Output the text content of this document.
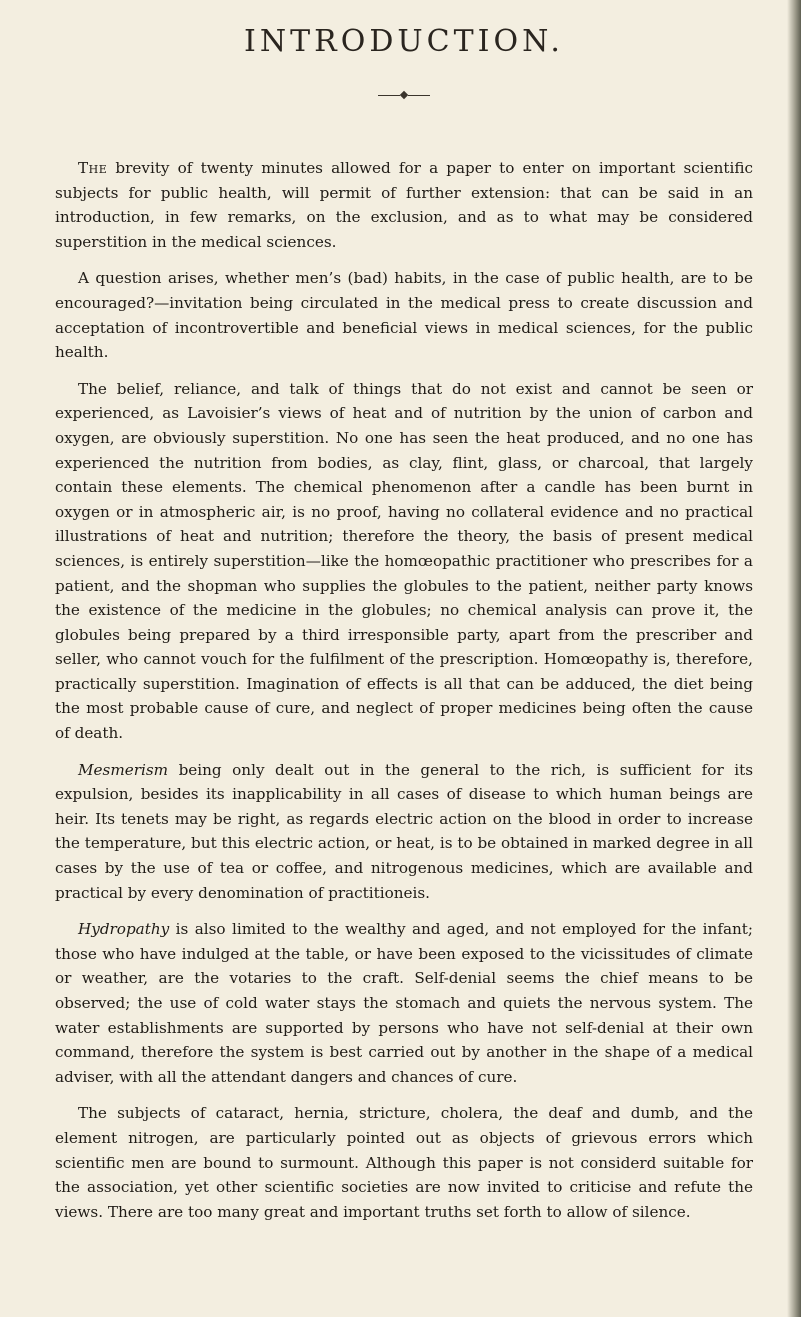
INTRODUCTION.

The brevity of twenty minutes allowed for a paper to enter on important scientific subjects for public health, will permit of further extension: that can be said in an introduction, in few remarks, on the exclusion, and as to what may be considered superstition in the medical sciences.

A question arises, whether men’s (bad) habits, in the case of public health, are to be encouraged?—invitation being circulated in the medical press to create discussion and acceptation of incontrovertible and beneficial views in medical sciences, for the public health.

The belief, reliance, and talk of things that do not exist and cannot be seen or experienced, as Lavoisier’s views of heat and of nutrition by the union of carbon and oxygen, are obviously superstition. No one has seen the heat produced, and no one has experienced the nutrition from bodies, as clay, flint, glass, or charcoal, that largely contain these elements. The chemical phenomenon after a candle has been burnt in oxygen or in atmospheric air, is no proof, having no collateral evidence and no practical illustrations of heat and nutrition; therefore the theory, the basis of present medical sciences, is entirely superstition—like the homœopathic practitioner who prescribes for a patient, and the shopman who supplies the globules to the patient, neither party knows the existence of the medicine in the globules; no chemical analysis can prove it, the globules being prepared by a third irresponsible party, apart from the prescriber and seller, who cannot vouch for the fulfilment of the prescription. Homœopathy is, therefore, practically superstition. Imagination of effects is all that can be adduced, the diet being the most probable cause of cure, and neglect of proper medicines being often the cause of death.

Mesmerism being only dealt out in the general to the rich, is sufficient for its expulsion, besides its inapplicability in all cases of disease to which human beings are heir. Its tenets may be right, as regards electric action on the blood in order to increase the temperature, but this electric action, or heat, is to be obtained in marked degree in all cases by the use of tea or coffee, and nitrogenous medicines, which are available and practical by every denomination of practitioneis.

Hydropathy is also limited to the wealthy and aged, and not employed for the infant; those who have indulged at the table, or have been exposed to the vicissitudes of climate or weather, are the votaries to the craft. Self-denial seems the chief means to be observed; the use of cold water stays the stomach and quiets the nervous system. The water establishments are supported by persons who have not self-denial at their own command, therefore the system is best carried out by another in the shape of a medical adviser, with all the attendant dangers and chances of cure.

The subjects of cataract, hernia, stricture, cholera, the deaf and dumb, and the element nitrogen, are particularly pointed out as objects of grievous errors which scientific men are bound to surmount. Although this paper is not considerd suitable for the association, yet other scientific societies are now invited to criticise and refute the views. There are too many great and important truths set forth to allow of silence.
